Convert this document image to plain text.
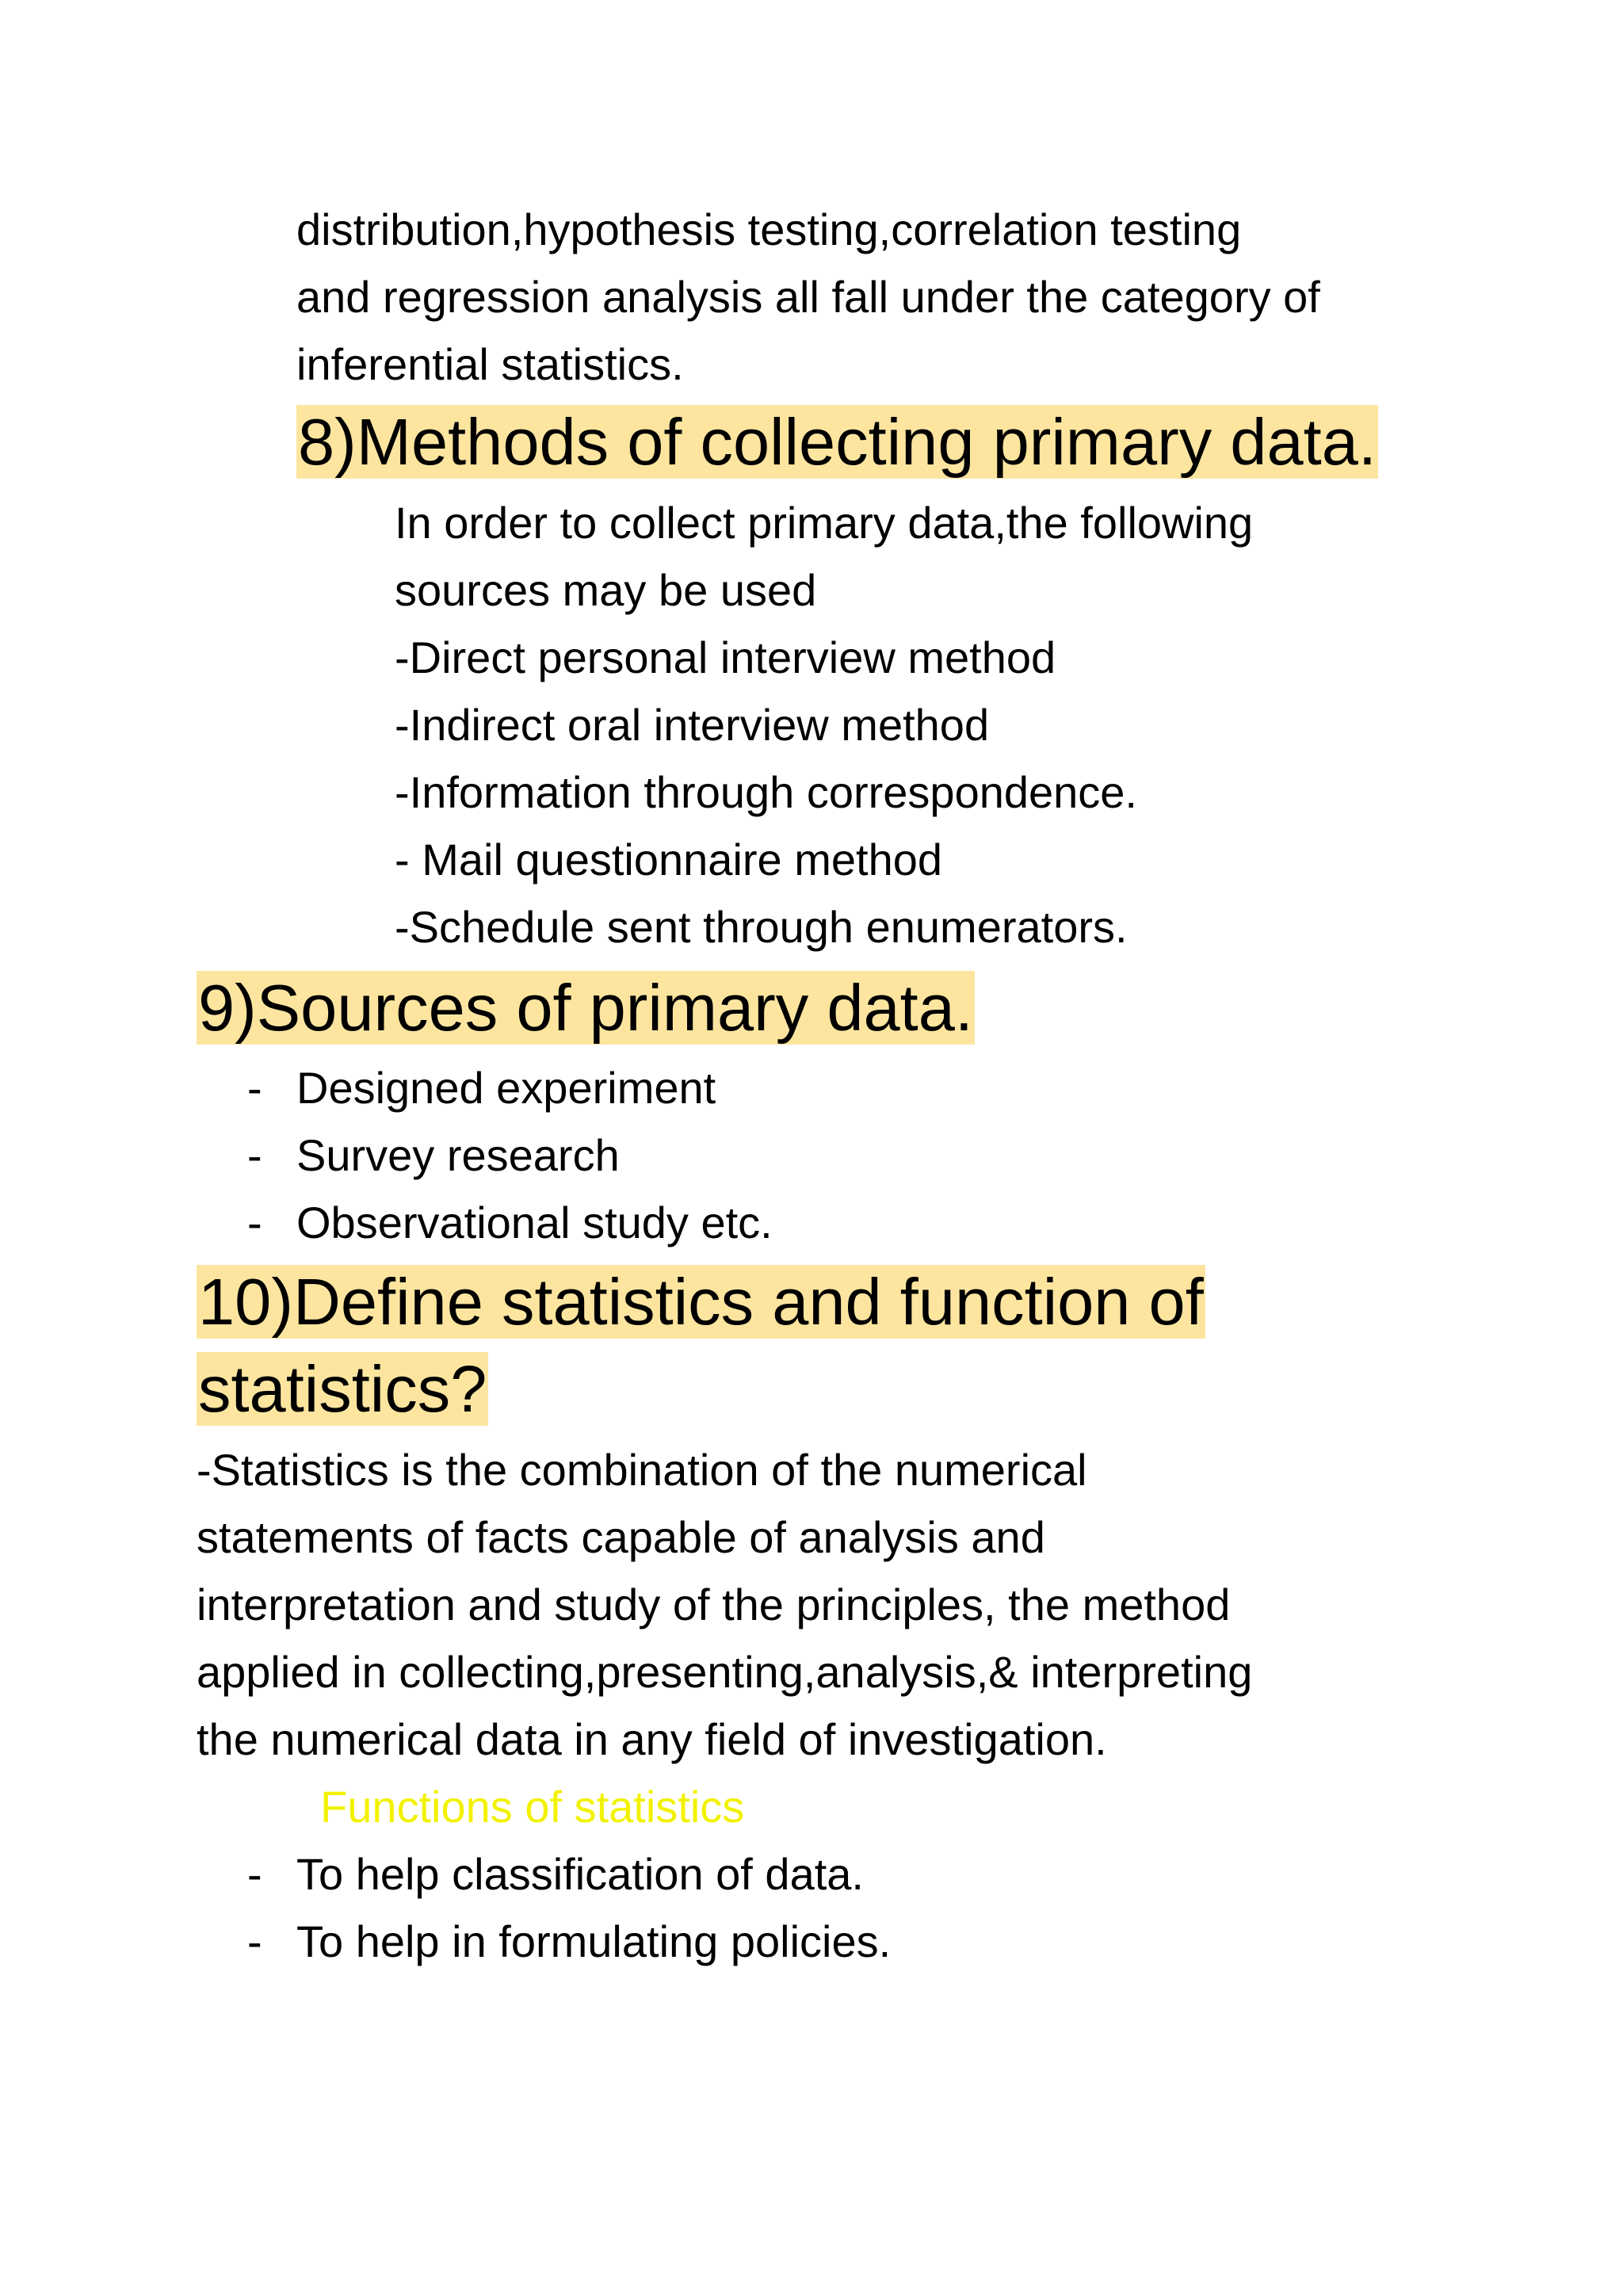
distribution,hypothesis testing,correlation testing
and regression analysis all fall under the category of
inferential statistics.
8)Methods of collecting primary data.
In order to collect primary data,the following
sources may be used
-Direct personal interview method
-Indirect oral interview method
-Information through correspondence.
- Mail questionnaire method
-Schedule sent through enumerators.
9)Sources of primary data.
- Designed experiment
- Survey research
- Observational study etc.
10)Define statistics and function of
statistics?
-Statistics is the combination of the numerical
statements of facts capable of analysis and
interpretation and study of the principles, the method
applied in collecting,presenting,analysis,& interpreting
the numerical data in any field of investigation.
Functions of statistics
- To help classification of data.
- To help in formulating policies.
